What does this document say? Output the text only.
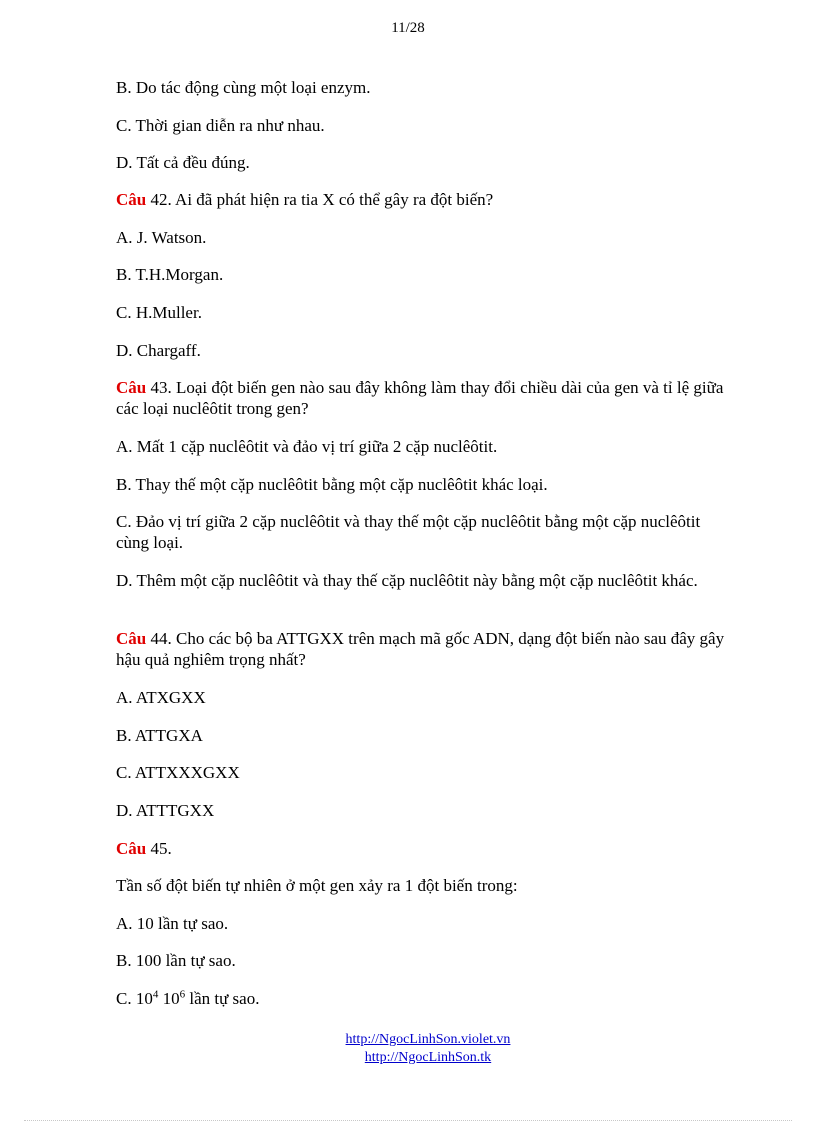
11/28
B. Do tác động cùng một loại enzym.
C. Thời gian diễn ra như nhau.
D. Tất cả đều đúng.
Câu 42. Ai đã phát hiện ra tia X có thể gây ra đột biến?
A. J. Watson.
B. T.H.Morgan.
C. H.Muller.
D. Chargaff.
Câu 43. Loại đột biến gen nào sau đây không làm thay đổi chiều dài của gen và tỉ lệ giữa các loại nuclêôtit trong gen?
A. Mất 1 cặp nuclêôtit và đảo vị trí giữa 2 cặp nuclêôtit.
B. Thay thế một cặp nuclêôtit bằng một cặp nuclêôtit khác loại.
C. Đảo vị trí giữa 2 cặp nuclêôtit và thay thế một cặp nuclêôtit bằng một cặp nuclêôtit cùng loại.
D. Thêm một cặp nuclêôtit và thay thế cặp nuclêôtit này bằng một cặp nuclêôtit khác.
Câu 44. Cho các bộ ba ATTGXX trên mạch mã gốc ADN, dạng đột biến nào sau đây gây hậu quả nghiêm trọng nhất?
A. ATXGXX
B. ATTGXA
C. ATTXXXGXX
D. ATTTGXX
Câu 45.
Tần số đột biến tự nhiên ở một gen xảy ra 1 đột biến trong:
A. 10 lần tự sao.
B. 100 lần tự sao.
C. $10^4$ $10^6$ lần tự sao.
http://NgocLinhSon.violet.vn
http://NgocLinhSon.tk
